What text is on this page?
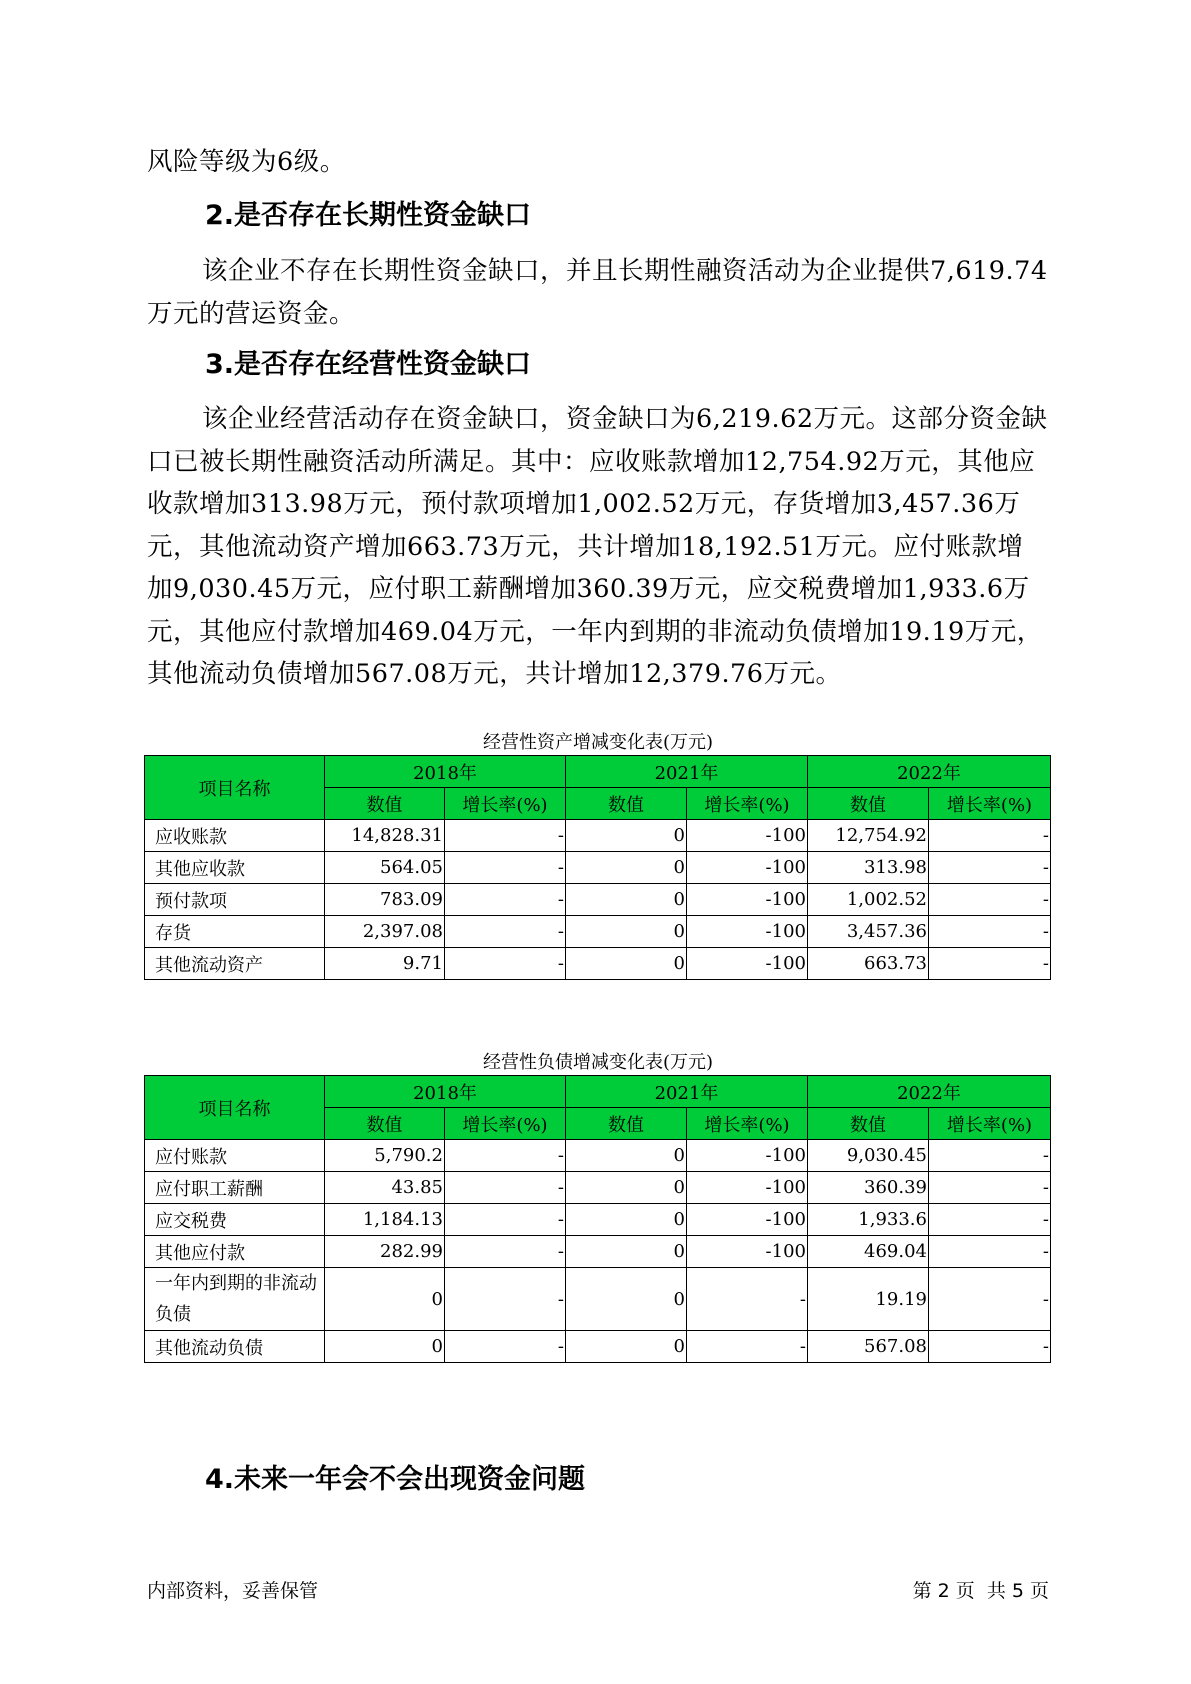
风险等级为6级。

2.是否存在长期性资金缺口

该企业不存在长期性资金缺口，并且长期性融资活动为企业提供7,619.74万元的营运资金。

3.是否存在经营性资金缺口

该企业经营活动存在资金缺口，资金缺口为6,219.62万元。这部分资金缺口已被长期性融资活动所满足。其中：应收账款增加12,754.92万元，其他应收款增加313.98万元，预付款项增加1,002.52万元，存货增加3,457.36万元，其他流动资产增加663.73万元，共计增加18,192.51万元。应付账款增加9,030.45万元，应付职工薪酬增加360.39万元，应交税费增加1,933.6万元，其他应付款增加469.04万元，一年内到期的非流动负债增加19.19万元，其他流动负债增加567.08万元，共计增加12,379.76万元。

经营性资产增减变化表(万元)
项目名称	2018年		2021年		2022年	
	数值	增长率(%)	数值	增长率(%)	数值	增长率(%)
应收账款	14,828.31	-	0	-100	12,754.92	-
其他应收款	564.05	-	0	-100	313.98	-
预付款项	783.09	-	0	-100	1,002.52	-
存货	2,397.08	-	0	-100	3,457.36	-
其他流动资产	9.71	-	0	-100	663.73	-
经营性负债增减变化表(万元)
项目名称	2018年		2021年		2022年	
	数值	增长率(%)	数值	增长率(%)	数值	增长率(%)
应付账款	5,790.2	-	0	-100	9,030.45	-
应付职工薪酬	43.85	-	0	-100	360.39	-
应交税费	1,184.13	-	0	-100	1,933.6	-
其他应付款	282.99	-	0	-100	469.04	-
一年内到期的非流动负债	0	-	0	-	19.19	-
其他流动负债	0	-	0	-	567.08	-
4.未来一年会不会出现资金问题
内部资料，妥善保管	第 2 页  共 5 页
